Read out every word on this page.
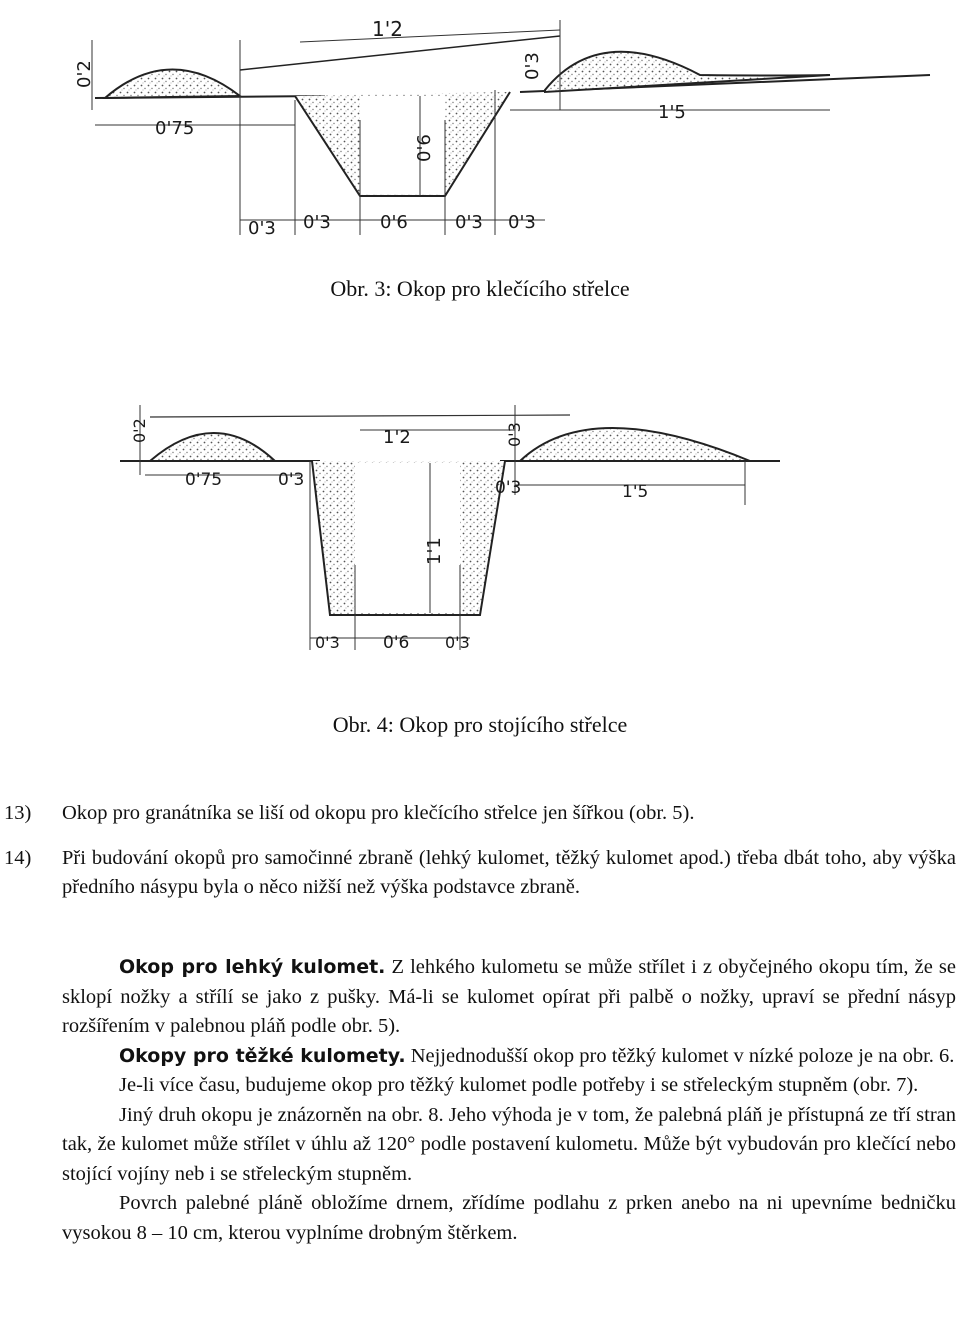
0'2
1'2
0'3
0'6
0'75
1'5
0'3 0'3	0'6	0'3 0'3
Obr. 3: Okop pro klečícího střelce
0'2	1'2	0'3
0'75	0'3	0'3	1'5
1'1
0'3	0'6 0'3
Obr. 4: Okop pro stojícího střelce

13) Okop pro granátníka se liší od okopu pro klečícího střelce jen šířkou (obr. 5).

14) Při budování okopů pro samočinné zbraně (lehký kulomet, těžký kulomet apod.) třeba dbát toho, aby výška předního násypu byla o něco nižší než výška podstavce zbraně.

Okop pro lehký kulomet. Z lehkého kulometu se může střílet i z obyčejného okopu tím, že se sklopí nožky a střílí se jako z pušky. Má-li se kulomet opírat při palbě o nožky, upraví se přední násyp rozšířením v palebnou pláň podle obr. 5).

Okopy pro těžké kulomety. Nejjednodušší okop pro těžký kulomet v nízké poloze je na obr. 6.

Je-li více času, budujeme okop pro těžký kulomet podle potřeby i se střeleckým stupněm (obr. 7).

Jiný druh okopu je znázorněn na obr. 8. Jeho výhoda je v tom, že palebná pláň je přístupná ze tří stran tak, že kulomet může střílet v úhlu až 120° podle postavení kulometu. Může být vybudován pro klečící nebo stojící vojíny neb i se střeleckým stupněm.

Povrch palebné pláně obložíme drnem, zřídíme podlahu z prken anebo na ni upevníme bedničku vysokou 8 – 10 cm, kterou vyplníme drobným štěrkem.
